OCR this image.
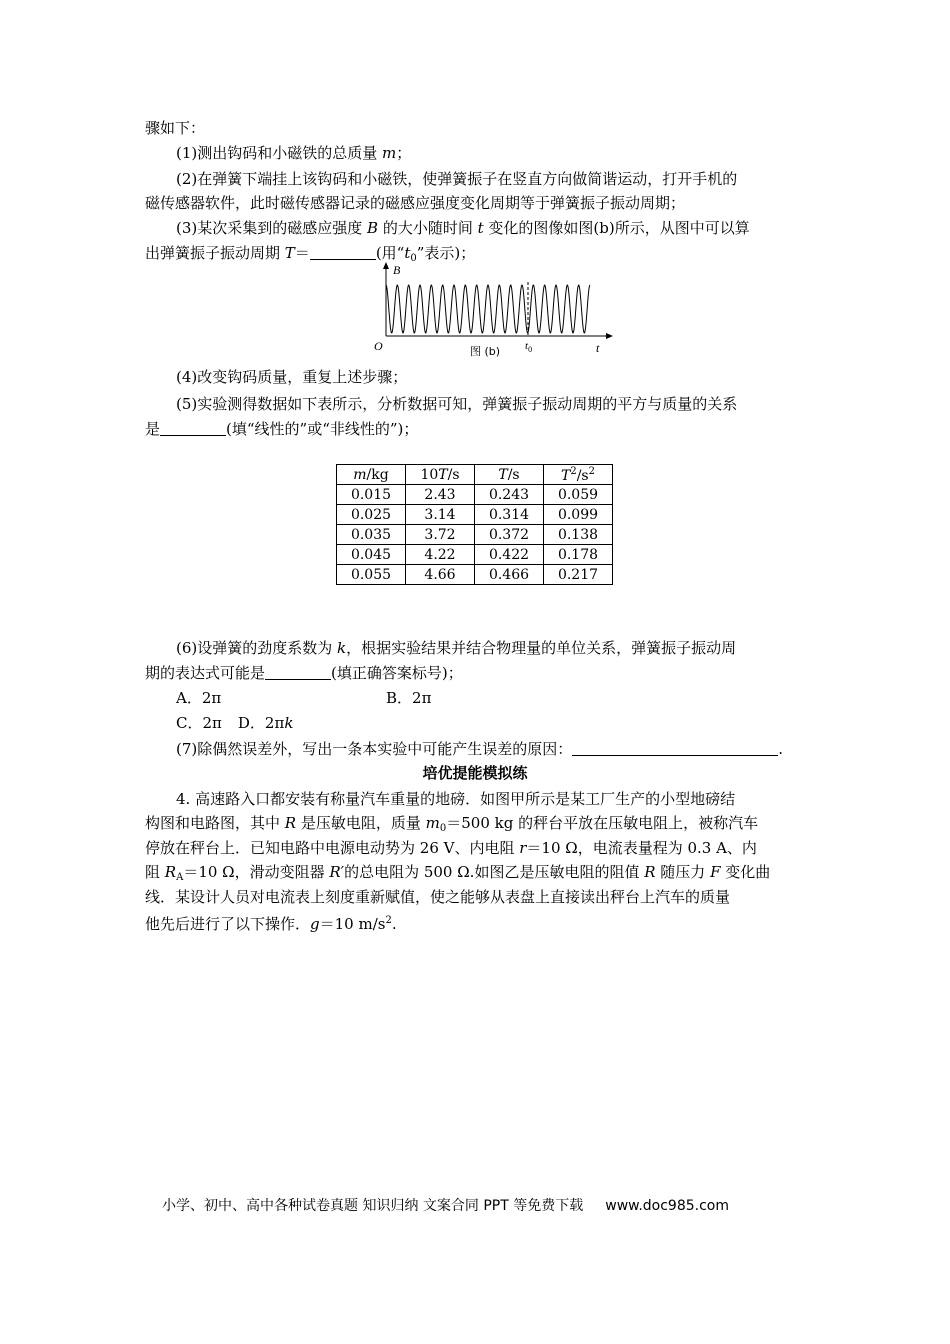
骤如下：
(1)测出钩码和小磁铁的总质量 m；
(2)在弹簧下端挂上该钩码和小磁铁，使弹簧振子在竖直方向做简谐运动，打开手机的
磁传感器软件，此时磁传感器记录的磁感应强度变化周期等于弹簧振子振动周期；
(3)某次采集到的磁感应强度 B 的大小随时间 t 变化的图像如图(b)所示，从图中可以算
出弹簧振子振动周期 T＝	(用“$t_0$”表示)；
B
O	t
$t_0$
图 (b)
(4)改变钩码质量，重复上述步骤；
(5)实验测得数据如下表所示，分析数据可知，弹簧振子振动周期的平方与质量的关系
是	(填“线性的”或“非线性的”)；
m/kg	10T/s	T/s	$T^2/s^2$
0.015	2.43	0.243	0.059
0.025	3.14	0.314	0.099
0.035	3.72	0.372	0.138
0.045	4.22	0.422	0.178
0.055	4.66	0.466	0.217
(6)设弹簧的劲度系数为 k，根据实验结果并结合物理量的单位关系，弹簧振子振动周
期的表达式可能是	(填正确答案标号)；
A．2π	B．2π
C．2π D．2πk
(7)除偶然误差外，写出一条本实验中可能产生误差的原因：	.
培优提能模拟练
4. 高速路入口都安装有称量汽车重量的地磅．如图甲所示是某工厂生产的小型地磅结
构图和电路图，其中 R 是压敏电阻，质量 $m_0=500$ kg 的秤台平放在压敏电阻上，被称汽车
停放在秤台上．已知电路中电源电动势为 26 V、内电阻 r＝10 Ω，电流表量程为 0.3 A、内
阻 $R_A=10$ Ω，滑动变阻器 R′的总电阻为 500 Ω.如图乙是压敏电阻的阻值 R 随压力 F 变化曲
线．某设计人员对电流表上刻度重新赋值，使之能够从表盘上直接读出秤台上汽车的质量
他先后进行了以下操作．g＝10 $m/s^2$.
小学、初中、高中各种试卷真题 知识归纳 文案合同 PPT 等免费下载 www.doc985.com
